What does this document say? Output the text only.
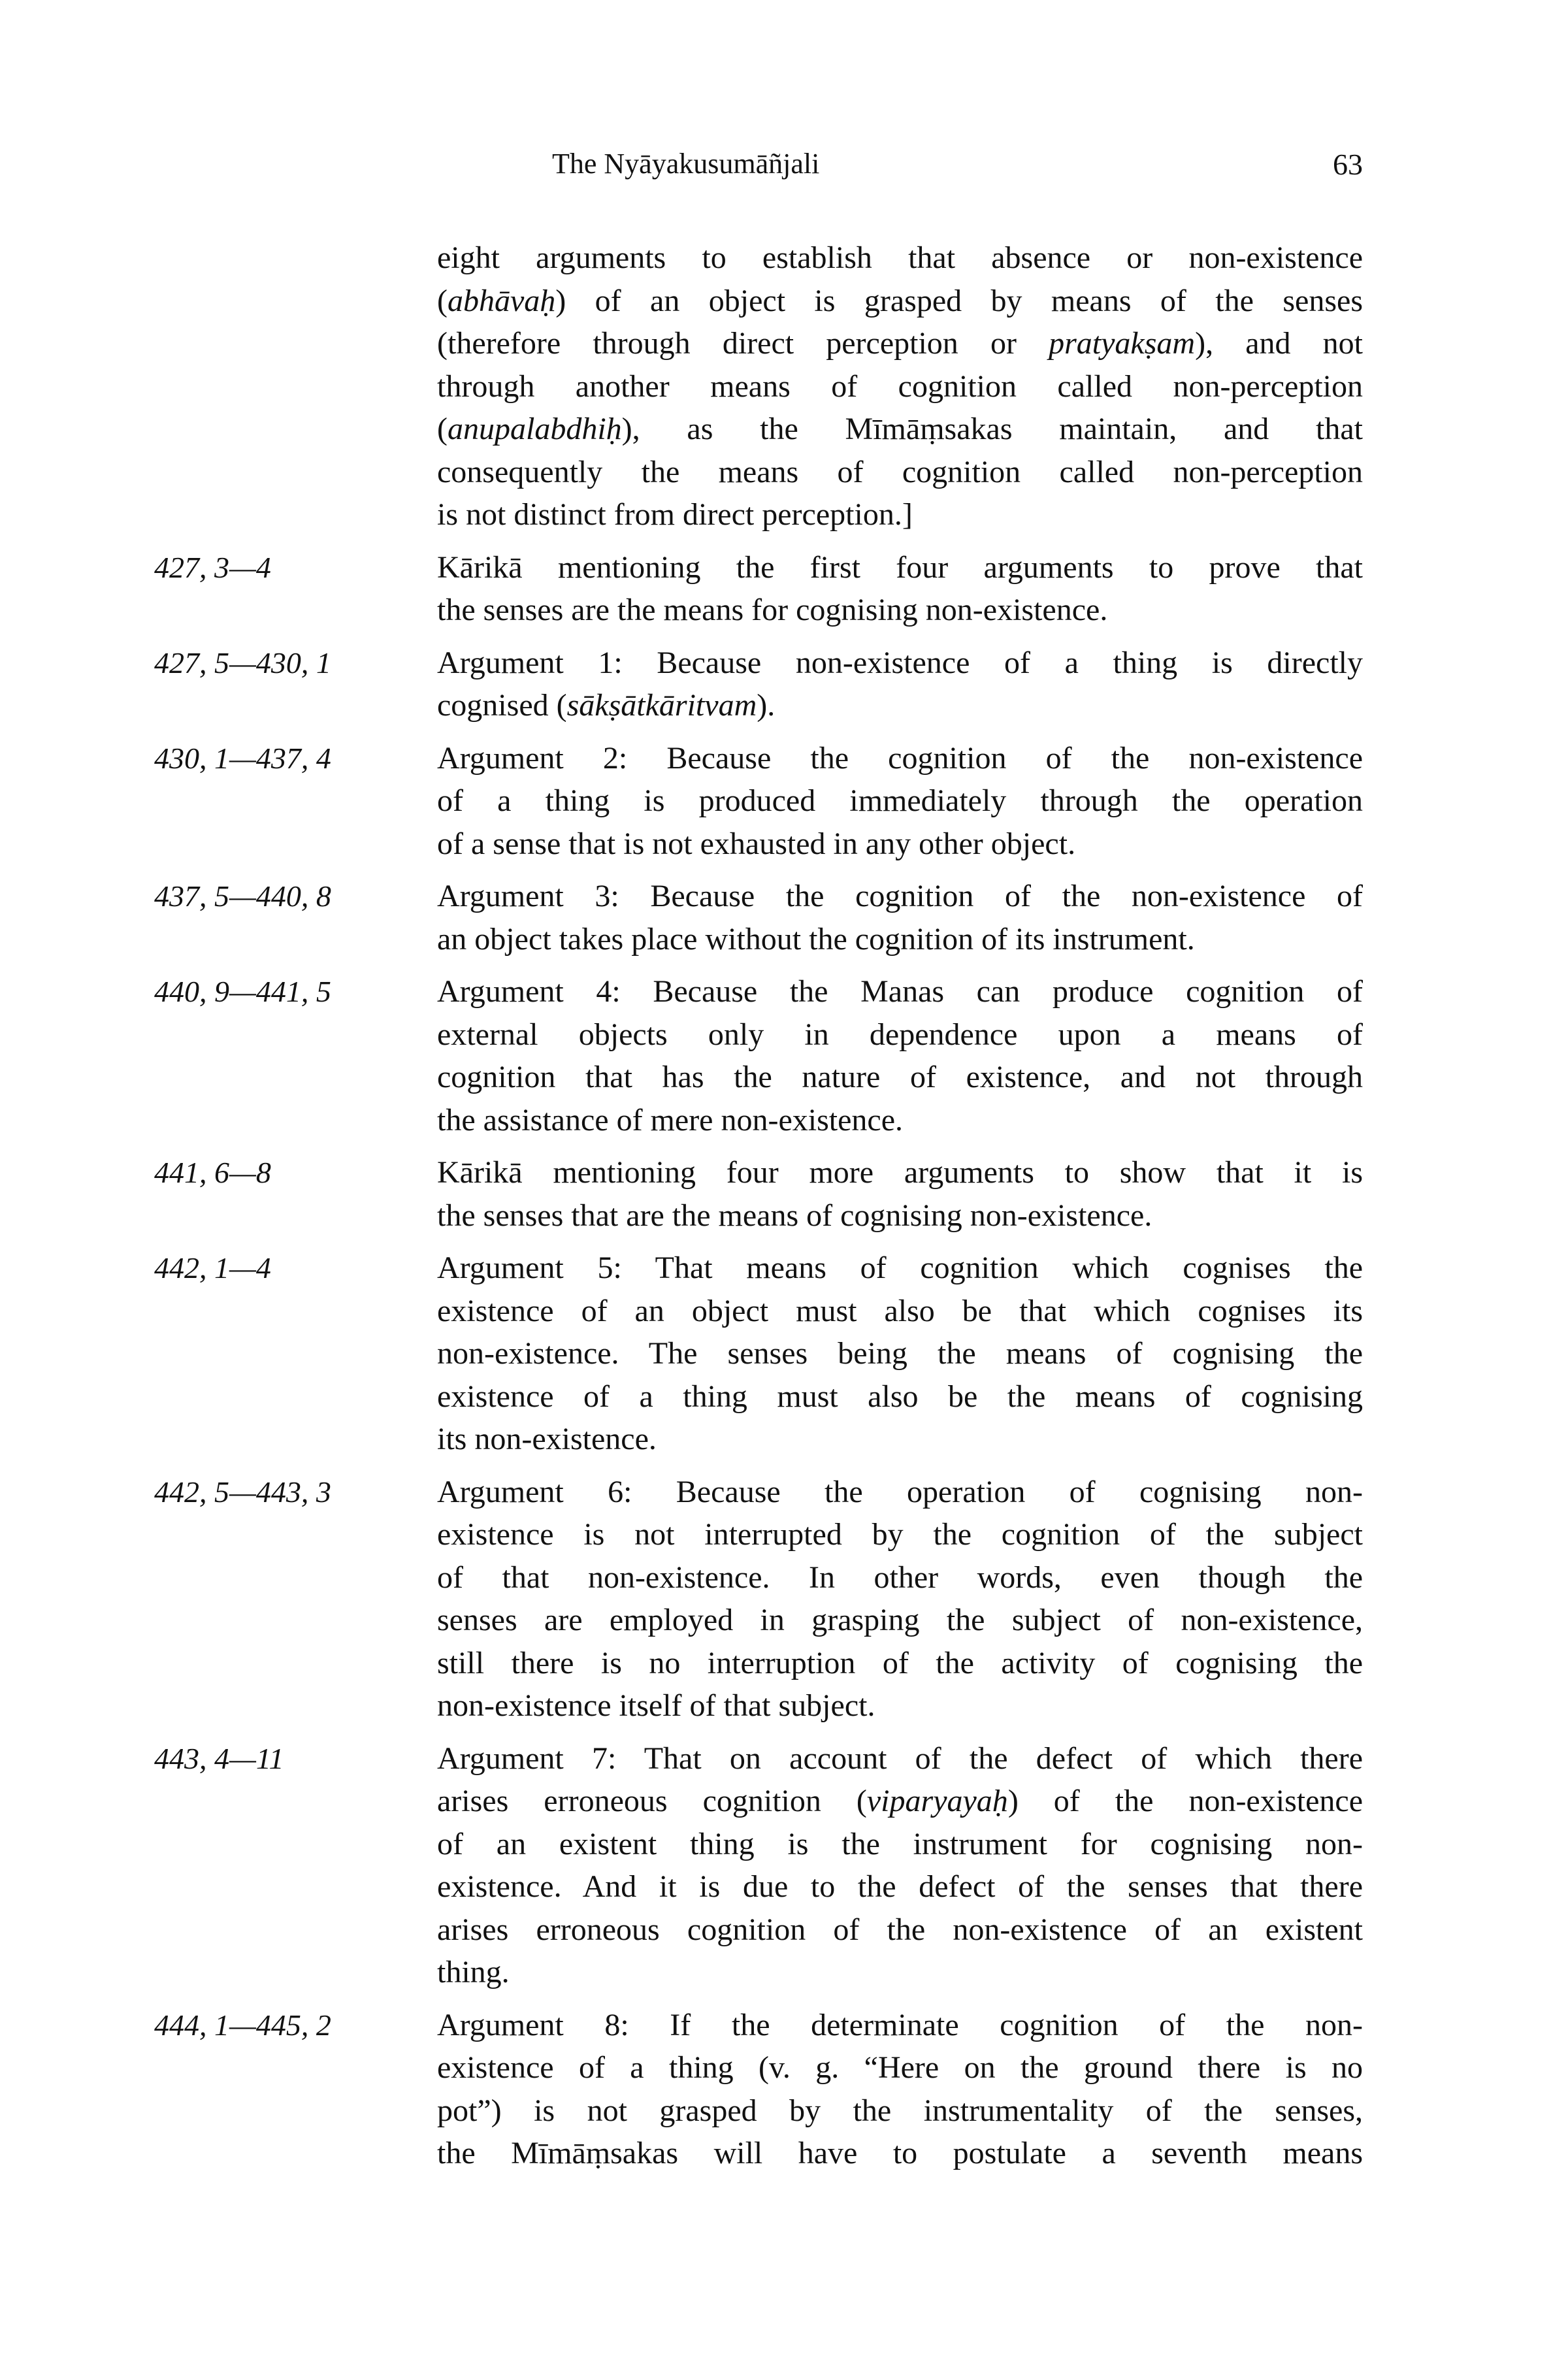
The Nyāyakusumāñjali	63
eight arguments to establish that absence or non-existence
(abhāvaḥ) of an object is grasped by means of the senses
(therefore through direct perception or pratyakṣam), and not
through another means of cognition called non-perception
(anupalabdhiḥ), as the Mīmāṃsakas maintain, and that
consequently the means of cognition called non-perception
is not distinct from direct perception.]
427, 3—4	Kārikā mentioning the first four arguments to prove that
the senses are the means for cognising non-existence.
427, 5—430, 1	Argument 1: Because non-existence of a thing is directly
cognised (sākṣātkāritvam).
430, 1—437, 4	Argument 2: Because the cognition of the non-existence
of a thing is produced immediately through the operation
of a sense that is not exhausted in any other object.
437, 5—440, 8	Argument 3: Because the cognition of the non-existence of
an object takes place without the cognition of its instrument.
440, 9—441, 5	Argument 4: Because the Manas can produce cognition of
external objects only in dependence upon a means of
cognition that has the nature of existence, and not through
the assistance of mere non-existence.
441, 6—8	Kārikā mentioning four more arguments to show that it is
the senses that are the means of cognising non-existence.
442, 1—4	Argument 5: That means of cognition which cognises the
existence of an object must also be that which cognises its
non-existence. The senses being the means of cognising the
existence of a thing must also be the means of cognising
its non-existence.
442, 5—443, 3	Argument 6: Because the operation of cognising non-
existence is not interrupted by the cognition of the subject
of that non-existence. In other words, even though the
senses are employed in grasping the subject of non-existence,
still there is no interruption of the activity of cognising the
non-existence itself of that subject.
443, 4—11	Argument 7: That on account of the defect of which there
arises erroneous cognition (viparyayaḥ) of the non-existence
of an existent thing is the instrument for cognising non-
existence. And it is due to the defect of the senses that there
arises erroneous cognition of the non-existence of an existent
thing.
444, 1—445, 2	Argument 8: If the determinate cognition of the non-
existence of a thing (v. g. “Here on the ground there is no
pot”) is not grasped by the instrumentality of the senses,
the Mīmāṃsakas will have to postulate a seventh means
